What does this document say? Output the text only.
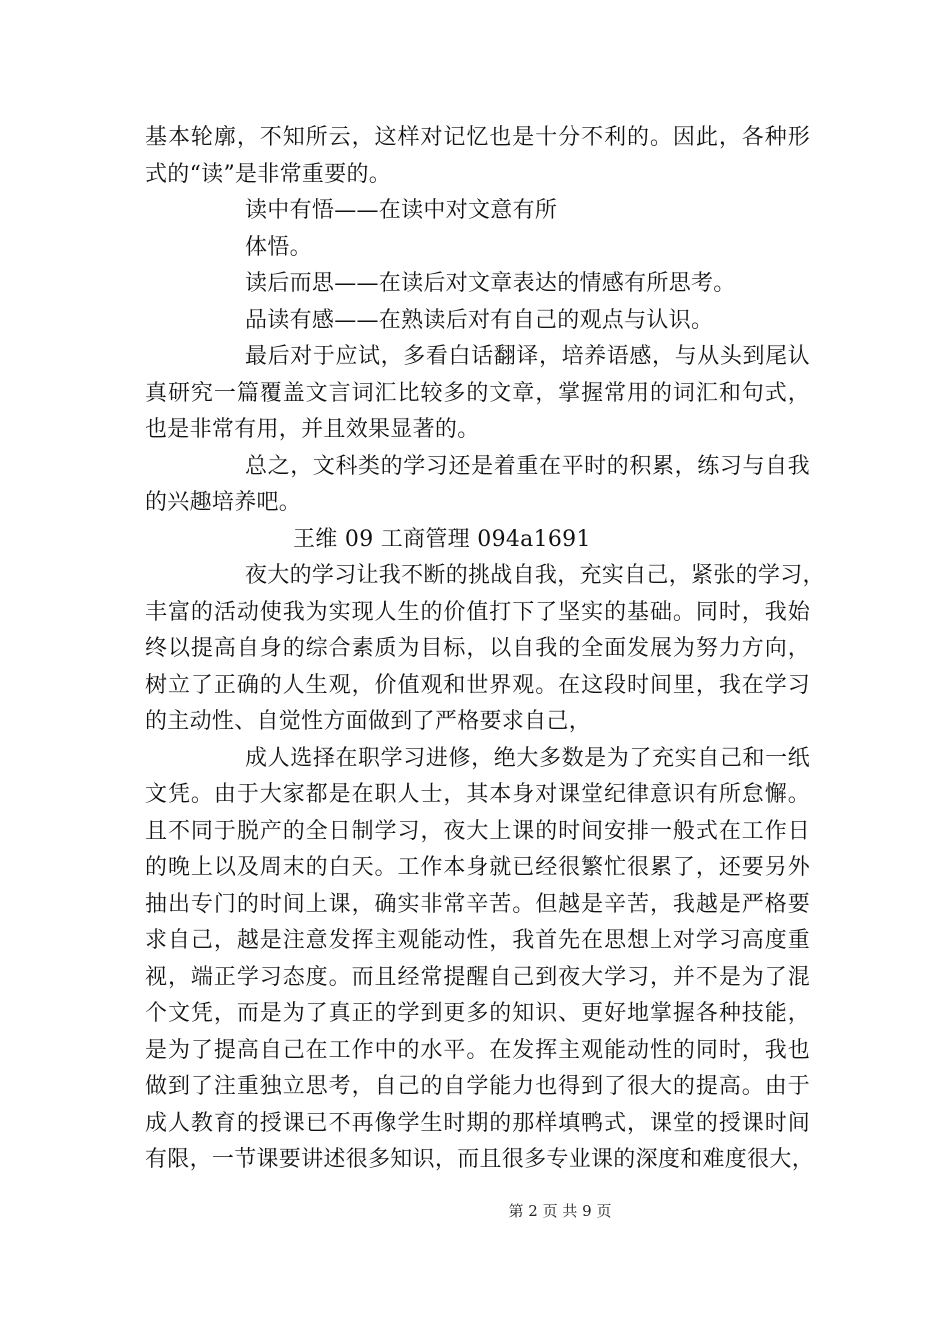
基本轮廓，不知所云，这样对记忆也是十分不利的。因此，各种形
式的“读”是非常重要的。
读中有悟——在读中对文意有所
体悟。
读后而思——在读后对文章表达的情感有所思考。
品读有感——在熟读后对有自己的观点与认识。
最后对于应试，多看白话翻译，培养语感，与从头到尾认
真研究一篇覆盖文言词汇比较多的文章，掌握常用的词汇和句式，
也是非常有用，并且效果显著的。
总之，文科类的学习还是着重在平时的积累，练习与自我
的兴趣培养吧。
王维 09 工商管理 094a1691
夜大的学习让我不断的挑战自我，充实自己，紧张的学习，
丰富的活动使我为实现人生的价值打下了坚实的基础。同时，我始
终以提高自身的综合素质为目标，以自我的全面发展为努力方向，
树立了正确的人生观，价值观和世界观。在这段时间里，我在学习
的主动性、自觉性方面做到了严格要求自己，
成人选择在职学习进修，绝大多数是为了充实自己和一纸
文凭。由于大家都是在职人士，其本身对课堂纪律意识有所怠懈。
且不同于脱产的全日制学习，夜大上课的时间安排一般式在工作日
的晚上以及周末的白天。工作本身就已经很繁忙很累了，还要另外
抽出专门的时间上课，确实非常辛苦。但越是辛苦，我越是严格要
求自己，越是注意发挥主观能动性，我首先在思想上对学习高度重
视，端正学习态度。而且经常提醒自己到夜大学习，并不是为了混
个文凭，而是为了真正的学到更多的知识、更好地掌握各种技能，
是为了提高自己在工作中的水平。在发挥主观能动性的同时，我也
做到了注重独立思考，自己的自学能力也得到了很大的提高。由于
成人教育的授课已不再像学生时期的那样填鸭式，课堂的授课时间
有限，一节课要讲述很多知识，而且很多专业课的深度和难度很大，
第 2 页 共 9 页
